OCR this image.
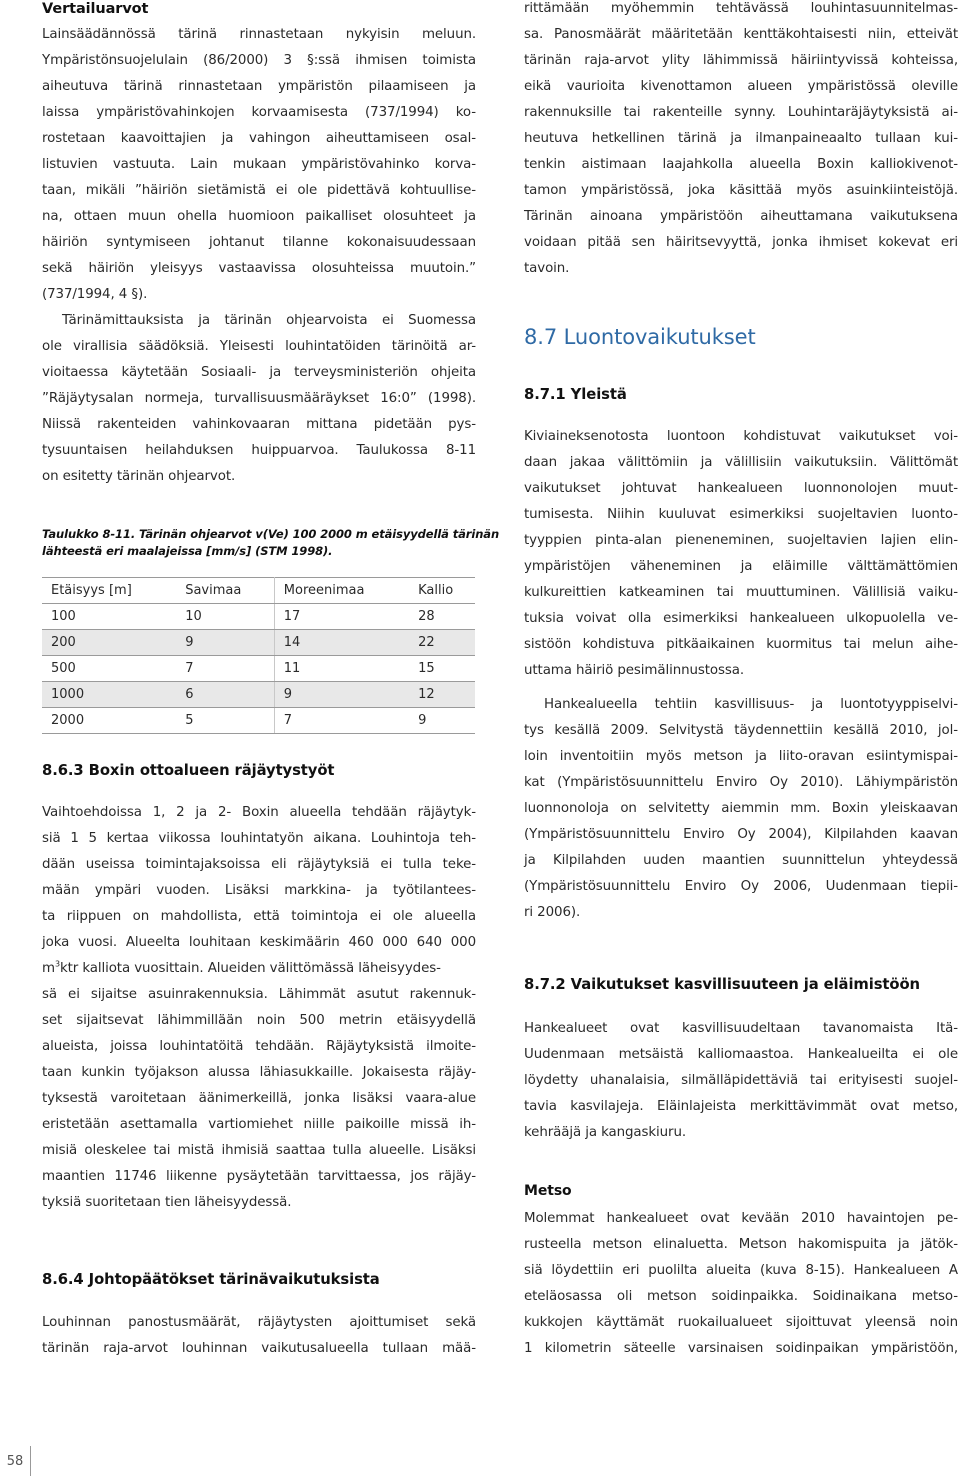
Vertailuarvot
Lainsäädännössä tärinä rinnastetaan nykyisin meluun.
Ympäristönsuojelulain (86/2000) 3 §:ssä ihmisen toimista
aiheutuva tärinä rinnastetaan ympäristön pilaamiseen ja
laissa ympäristövahinkojen korvaamisesta (737/1994) ko-
rostetaan kaavoittajien ja vahingon aiheuttamiseen osal-
listuvien vastuuta. Lain mukaan ympäristövahinko korva-
taan, mikäli ”häiriön sietämistä ei ole pidettävä kohtuullise-
na, ottaen muun ohella huomioon paikalliset olosuhteet ja
häiriön syntymiseen johtanut tilanne kokonaisuudessaan
sekä häiriön yleisyys vastaavissa olosuhteissa muutoin.”
(737/1994, 4 §).
Tärinämittauksista ja tärinän ohjearvoista ei Suomessa
ole virallisia säädöksiä. Yleisesti louhintatöiden tärinöitä ar-
vioitaessa käytetään Sosiaali- ja terveysministeriön ohjeita
”Räjäytysalan normeja, turvallisuusmääräykset 16:0” (1998).
Niissä rakenteiden vahinkovaaran mittana pidetään pys-
tysuuntaisen heilahduksen huippuarvoa. Taulukossa 8-11
on esitetty tärinän ohjearvot.
Taulukko 8-11. Tärinän ohjearvot v(Ve) 100 2000 m etäisyydellä tärinän
lähteestä eri maalajeissa [mm/s] (STM 1998).
Etäisyys [m]	Savimaa	Moreenimaa	Kallio
100	10	17	28
200	9	14	22
500	7	11	15
1000	6	9	12
2000	5	7	9
8.6.3 Boxin ottoalueen räjäytystyöt
Vaihtoehdoissa 1, 2 ja 2- Boxin alueella tehdään räjäytyk-
siä 1 5 kertaa viikossa louhintatyön aikana. Louhintoja teh-
dään useissa toimintajaksoissa eli räjäytyksiä ei tulla teke-
mään ympäri vuoden. Lisäksi markkina- ja työtilantees-
ta riippuen on mahdollista, että toimintoja ei ole alueella
joka vuosi. Alueelta louhitaan keskimäärin 460 000 640 000
$m^3ktr$ kalliota vuosittain. Alueiden välittömässä läheisyydes-
sä ei sijaitse asuinrakennuksia. Lähimmät asutut rakennuk-
set sijaitsevat lähimmillään noin 500 metrin etäisyydellä
alueista, joissa louhintatöitä tehdään. Räjäytyksistä ilmoite-
taan kunkin työjakson alussa lähiasukkaille. Jokaisesta räjäy-
tyksestä varoitetaan äänimerkeillä, jonka lisäksi vaara-alue
eristetään asettamalla vartiomiehet niille paikoille missä ih-
misiä oleskelee tai mistä ihmisiä saattaa tulla alueelle. Lisäksi
maantien 11746 liikenne pysäytetään tarvittaessa, jos räjäy-
tyksiä suoritetaan tien läheisyydessä.
8.6.4 Johtopäätökset tärinävaikutuksista
Louhinnan panostusmäärät, räjäytysten ajoittumiset sekä
tärinän raja-arvot louhinnan vaikutusalueella tullaan mää-
rittämään myöhemmin tehtävässä louhintasuunnitelmas-
sa. Panosmäärät määritetään kenttäkohtaisesti niin, etteivät
tärinän raja-arvot ylity lähimmissä häiriintyvissä kohteissa,
eikä vaurioita kivenottamon alueen ympäristössä oleville
rakennuksille tai rakenteille synny. Louhintaräjäytyksistä ai-
heutuva hetkellinen tärinä ja ilmanpaineaalto tullaan kui-
tenkin aistimaan laajahkolla alueella Boxin kalliokivenot-
tamon ympäristössä, joka käsittää myös asuinkiinteistöjä.
Tärinän ainoana ympäristöön aiheuttamana vaikutuksena
voidaan pitää sen häiritsevyyttä, jonka ihmiset kokevat eri
tavoin.
8.7 Luontovaikutukset
8.7.1 Yleistä
Kiviaineksenotosta luontoon kohdistuvat vaikutukset voi-
daan jakaa välittömiin ja välillisiin vaikutuksiin. Välittömät
vaikutukset johtuvat hankealueen luonnonolojen muut-
tumisesta. Niihin kuuluvat esimerkiksi suojeltavien luonto-
tyyppien pinta-alan pieneneminen, suojeltavien lajien elin-
ympäristöjen väheneminen ja eläimille välttämättömien
kulkureittien katkeaminen tai muuttuminen. Välillisiä vaiku-
tuksia voivat olla esimerkiksi hankealueen ulkopuolella ve-
sistöön kohdistuva pitkäaikainen kuormitus tai melun aihe-
uttama häiriö pesimälinnustossa.
Hankealueella tehtiin kasvillisuus- ja luontotyyppiselvi-
tys kesällä 2009. Selvitystä täydennettiin kesällä 2010, jol-
loin inventoitiin myös metson ja liito-oravan esiintymispai-
kat (Ympäristösuunnittelu Enviro Oy 2010). Lähiympäristön
luonnonoloja on selvitetty aiemmin mm. Boxin yleiskaavan
(Ympäristösuunnittelu Enviro Oy 2004), Kilpilahden kaavan
ja Kilpilahden uuden maantien suunnittelun yhteydessä
(Ympäristösuunnittelu Enviro Oy 2006, Uudenmaan tiepii-
ri 2006).
8.7.2 Vaikutukset kasvillisuuteen ja eläimistöön
Hankealueet ovat kasvillisuudeltaan tavanomaista Itä-
Uudenmaan metsäistä kalliomaastoa. Hankealueilta ei ole
löydetty uhanalaisia, silmälläpidettäviä tai erityisesti suojel-
tavia kasvilajeja. Eläinlajeista merkittävimmät ovat metso,
kehrääjä ja kangaskiuru.
Metso
Molemmat hankealueet ovat kevään 2010 havaintojen pe-
rusteella metson elinaluetta. Metson hakomispuita ja jätök-
siä löydettiin eri puolilta alueita (kuva 8-15). Hankealueen A
eteläosassa oli metson soidinpaikka. Soidinaikana metso-
kukkojen käyttämät ruokailualueet sijoittuvat yleensä noin
1 kilometrin säteelle varsinaisen soidinpaikan ympäristöön,
58
